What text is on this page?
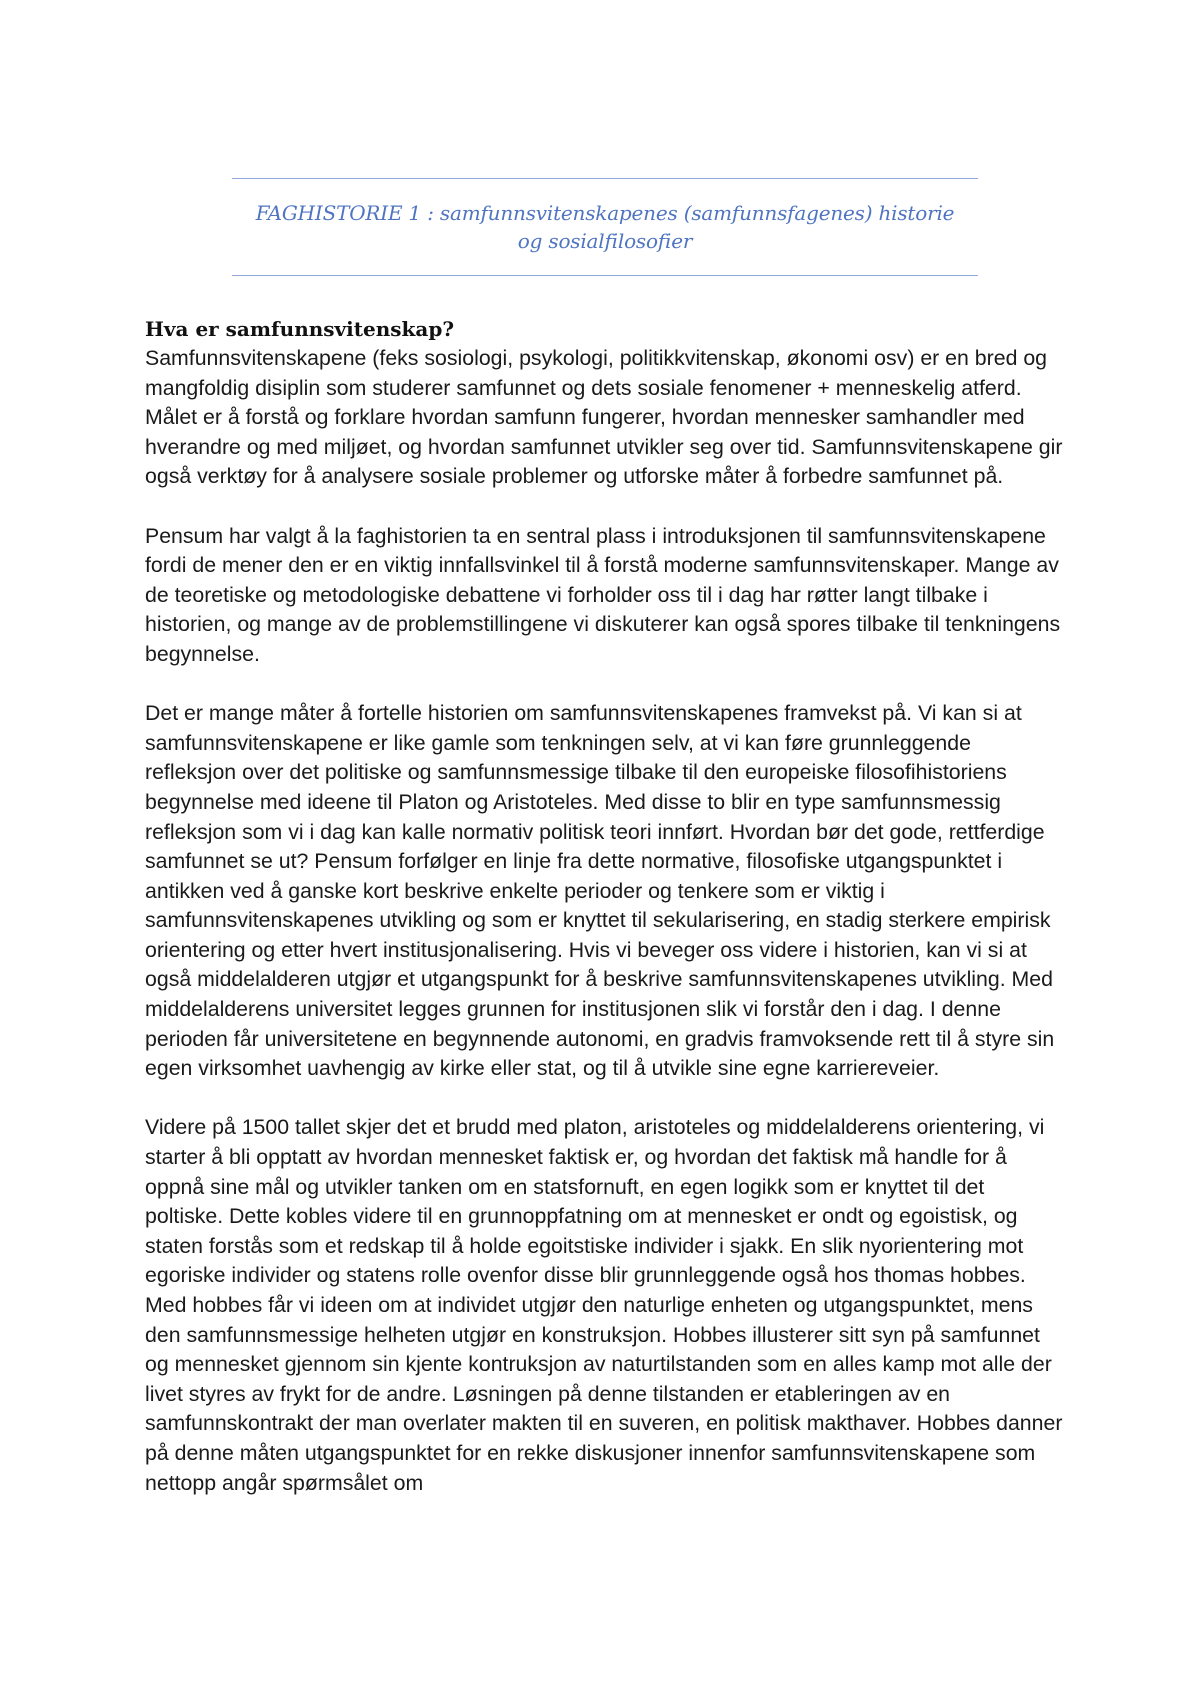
FAGHISTORIE 1 : samfunnsvitenskapenes (samfunnsfagenes) historie og sosialfilosofier
Hva er samfunnsvitenskap?

Samfunnsvitenskapene (feks sosiologi, psykologi, politikkvitenskap, økonomi osv) er en bred og mangfoldig disiplin som studerer samfunnet og dets sosiale fenomener + menneskelig atferd. Målet er å forstå og forklare hvordan samfunn fungerer, hvordan mennesker samhandler med hverandre og med miljøet, og hvordan samfunnet utvikler seg over tid. Samfunnsvitenskapene gir også verktøy for å analysere sosiale problemer og utforske måter å forbedre samfunnet på.

Pensum har valgt å la faghistorien ta en sentral plass i introduksjonen til samfunnsvitenskapene fordi de mener den er en viktig innfallsvinkel til å forstå moderne samfunnsvitenskaper. Mange av de teoretiske og metodologiske debattene vi forholder oss til i dag har røtter langt tilbake i historien, og mange av de problemstillingene vi diskuterer kan også spores tilbake til tenkningens begynnelse.

Det er mange måter å fortelle historien om samfunnsvitenskapenes framvekst på. Vi kan si at samfunnsvitenskapene er like gamle som tenkningen selv, at vi kan føre grunnleggende refleksjon over det politiske og samfunnsmessige tilbake til den europeiske filosofihistoriens begynnelse med ideene til Platon og Aristoteles. Med disse to blir en type samfunnsmessig refleksjon som vi i dag kan kalle normativ politisk teori innført. Hvordan bør det gode, rettferdige samfunnet se ut? Pensum forfølger en linje fra dette normative, filosofiske utgangspunktet i antikken ved å ganske kort beskrive enkelte perioder og tenkere som er viktig i samfunnsvitenskapenes utvikling og som er knyttet til sekularisering, en stadig sterkere empirisk orientering og etter hvert institusjonalisering. Hvis vi beveger oss videre i historien, kan vi si at også middelalderen utgjør et utgangspunkt for å beskrive samfunnsvitenskapenes utvikling. Med middelalderens universitet legges grunnen for institusjonen slik vi forstår den i dag. I denne perioden får universitetene en begynnende autonomi, en gradvis framvoksende rett til å styre sin egen virksomhet uavhengig av kirke eller stat, og til å utvikle sine egne karriereveier.

Videre på 1500 tallet skjer det et brudd med platon, aristoteles og middelalderens orientering, vi starter å bli opptatt av hvordan mennesket faktisk er, og hvordan det faktisk må handle for å oppnå sine mål og utvikler tanken om en statsfornuft, en egen logikk som er knyttet til det poltiske. Dette kobles videre til en grunnoppfatning om at mennesket er ondt og egoistisk, og staten forstås som et redskap til å holde egoitstiske individer i sjakk. En slik nyorientering mot egoriske individer og statens rolle ovenfor disse blir grunnleggende også hos thomas hobbes. Med hobbes får vi ideen om at individet utgjør den naturlige enheten og utgangspunktet, mens den samfunnsmessige helheten utgjør en konstruksjon. Hobbes illusterer sitt syn på samfunnet og mennesket gjennom sin kjente kontruksjon av naturtilstanden som en alles kamp mot alle der livet styres av frykt for de andre. Løsningen på denne tilstanden er etableringen av en samfunnskontrakt der man overlater makten til en suveren, en politisk makthaver. Hobbes danner på denne måten utgangspunktet for en rekke diskusjoner innenfor samfunnsvitenskapene som nettopp angår spørmsålet om
